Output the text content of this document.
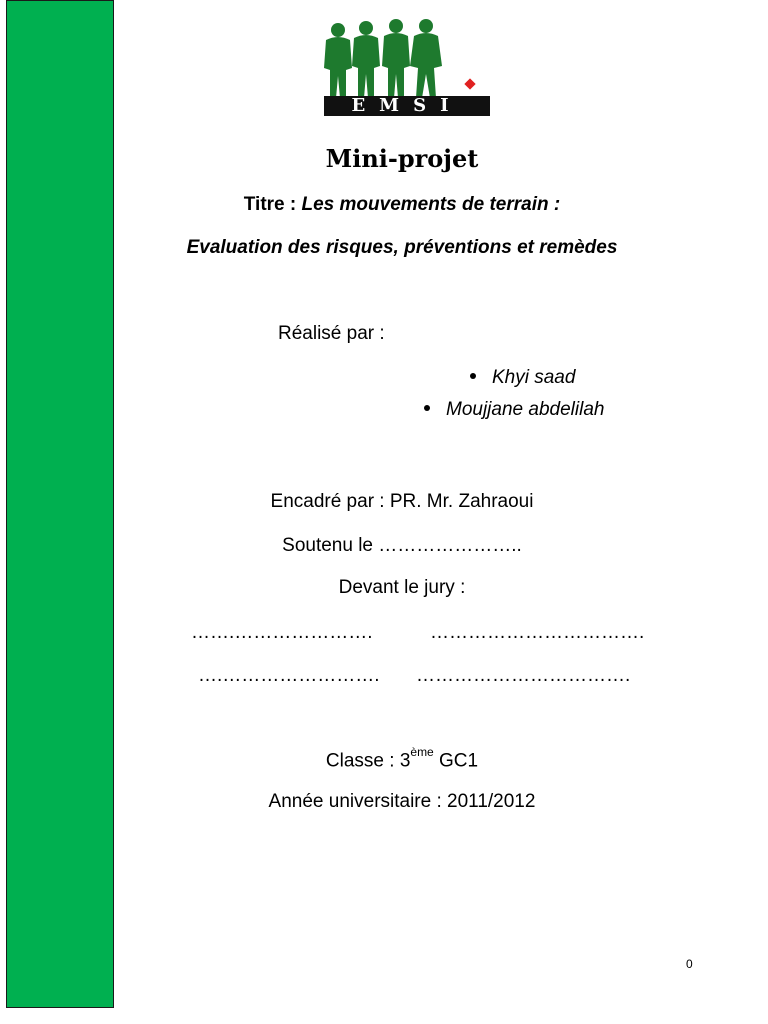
EMSI
Mini-projet
Titre : Les mouvements de terrain :
Evaluation des risques, préventions et remèdes
Réalisé par :
Khyi saad
Moujjane abdelilah
Encadré par : PR. Mr. Zahraoui
Soutenu le …………………..
Devant le jury :
…….………………….	…………………………….
….……………………. …………………………….
Classe : 3ème GC1
Année universitaire : 2011/2012
0
